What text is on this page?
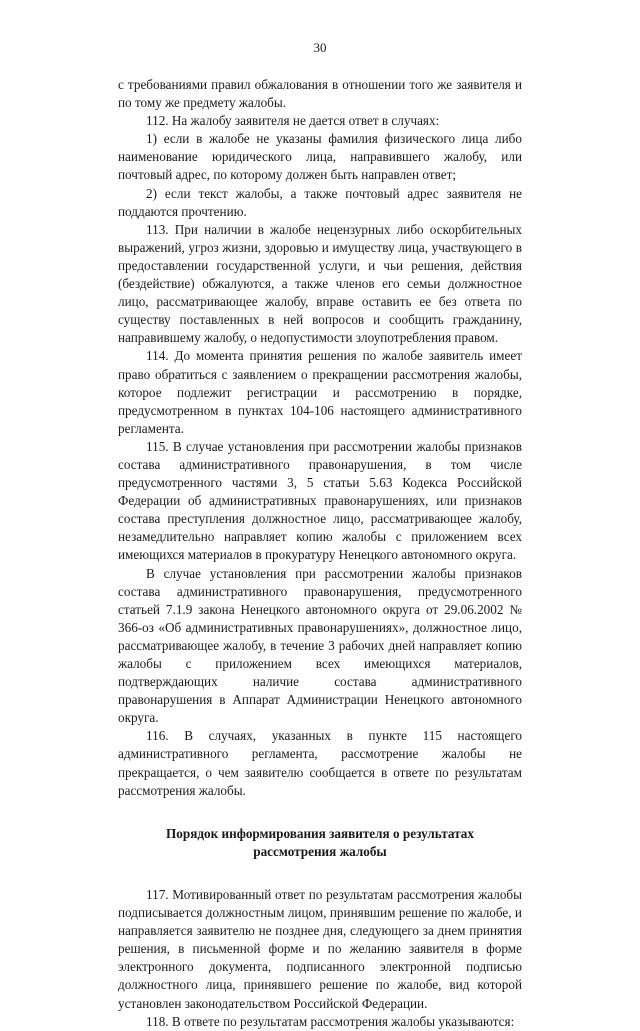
30

с требованиями правил обжалования в отношении того же заявителя и по тому же предмету жалобы.

112. На жалобу заявителя не дается ответ в случаях:

1) если в жалобе не указаны фамилия физического лица либо наименование юридического лица, направившего жалобу, или почтовый адрес, по которому должен быть направлен ответ;

2) если текст жалобы, а также почтовый адрес заявителя не поддаются прочтению.

113. При наличии в жалобе нецензурных либо оскорбительных выражений, угроз жизни, здоровью и имуществу лица, участвующего в предоставлении государственной услуги, и чьи решения, действия (бездействие) обжалуются, а также членов его семьи должностное лицо, рассматривающее жалобу, вправе оставить ее без ответа по существу поставленных в ней вопросов и сообщить гражданину, направившему жалобу, о недопустимости злоупотребления правом.

114. До момента принятия решения по жалобе заявитель имеет право обратиться с заявлением о прекращении рассмотрения жалобы, которое подлежит регистрации и рассмотрению в порядке, предусмотренном в пунктах 104-106 настоящего административного регламента.

115. В случае установления при рассмотрении жалобы признаков состава административного правонарушения, в том числе предусмотренного частями 3, 5 статьи 5.63 Кодекса Российской Федерации об административных правонарушениях, или признаков состава преступления должностное лицо, рассматривающее жалобу, незамедлительно направляет копию жалобы с приложением всех имеющихся материалов в прокуратуру Ненецкого автономного округа.

В случае установления при рассмотрении жалобы признаков состава административного правонарушения, предусмотренного статьей 7.1.9 закона Ненецкого автономного округа от 29.06.2002 № 366-оз «Об административных правонарушениях», должностное лицо, рассматривающее жалобу, в течение 3 рабочих дней направляет копию жалобы с приложением всех имеющихся материалов, подтверждающих наличие состава административного правонарушения в Аппарат Администрации Ненецкого автономного округа.

116. В случаях, указанных в пункте 115 настоящего административного регламента, рассмотрение жалобы не прекращается, о чем заявителю сообщается в ответе по результатам рассмотрения жалобы.

Порядок информирования заявителя о результатах
рассмотрения жалобы

117. Мотивированный ответ по результатам рассмотрения жалобы подписывается должностным лицом, принявшим решение по жалобе, и направляется заявителю не позднее дня, следующего за днем принятия решения, в письменной форме и по желанию заявителя в форме электронного документа, подписанного электронной подписью должностного лица, принявшего решение по жалобе, вид которой установлен законодательством Российской Федерации.

118. В ответе по результатам рассмотрения жалобы указываются:
